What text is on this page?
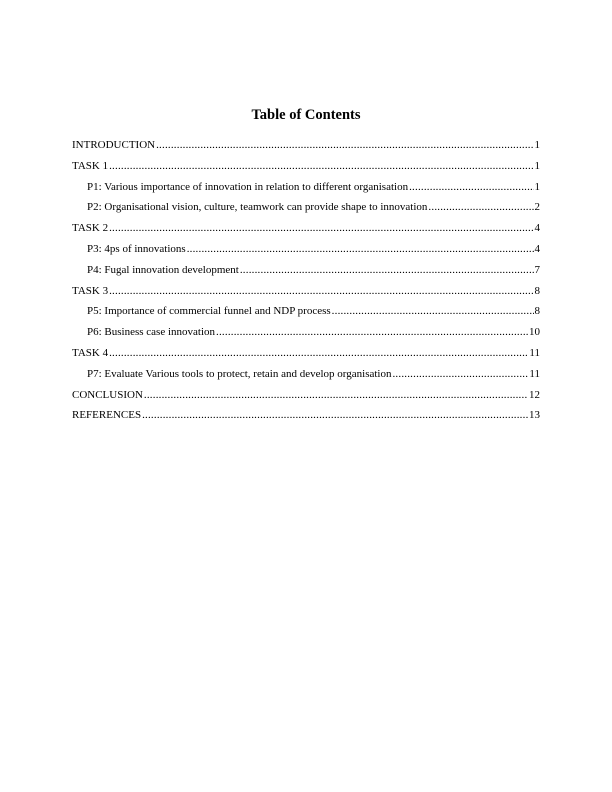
Table of Contents
INTRODUCTION .....	1
TASK 1 .....	1
P1: Various importance of innovation in relation to different organisation .....	1
P2: Organisational vision, culture, teamwork can provide shape to innovation .....	2
TASK 2 .....	4
P3: 4ps of innovations .....	4
P4: Fugal innovation development .....	7
TASK 3 .....	8
P5: Importance of commercial funnel and NDP process .....	8
P6: Business case innovation .....	10
TASK 4 .....	11
P7: Evaluate Various tools to protect, retain and develop organisation .....	11
CONCLUSION .....	12
REFERENCES .....	13
